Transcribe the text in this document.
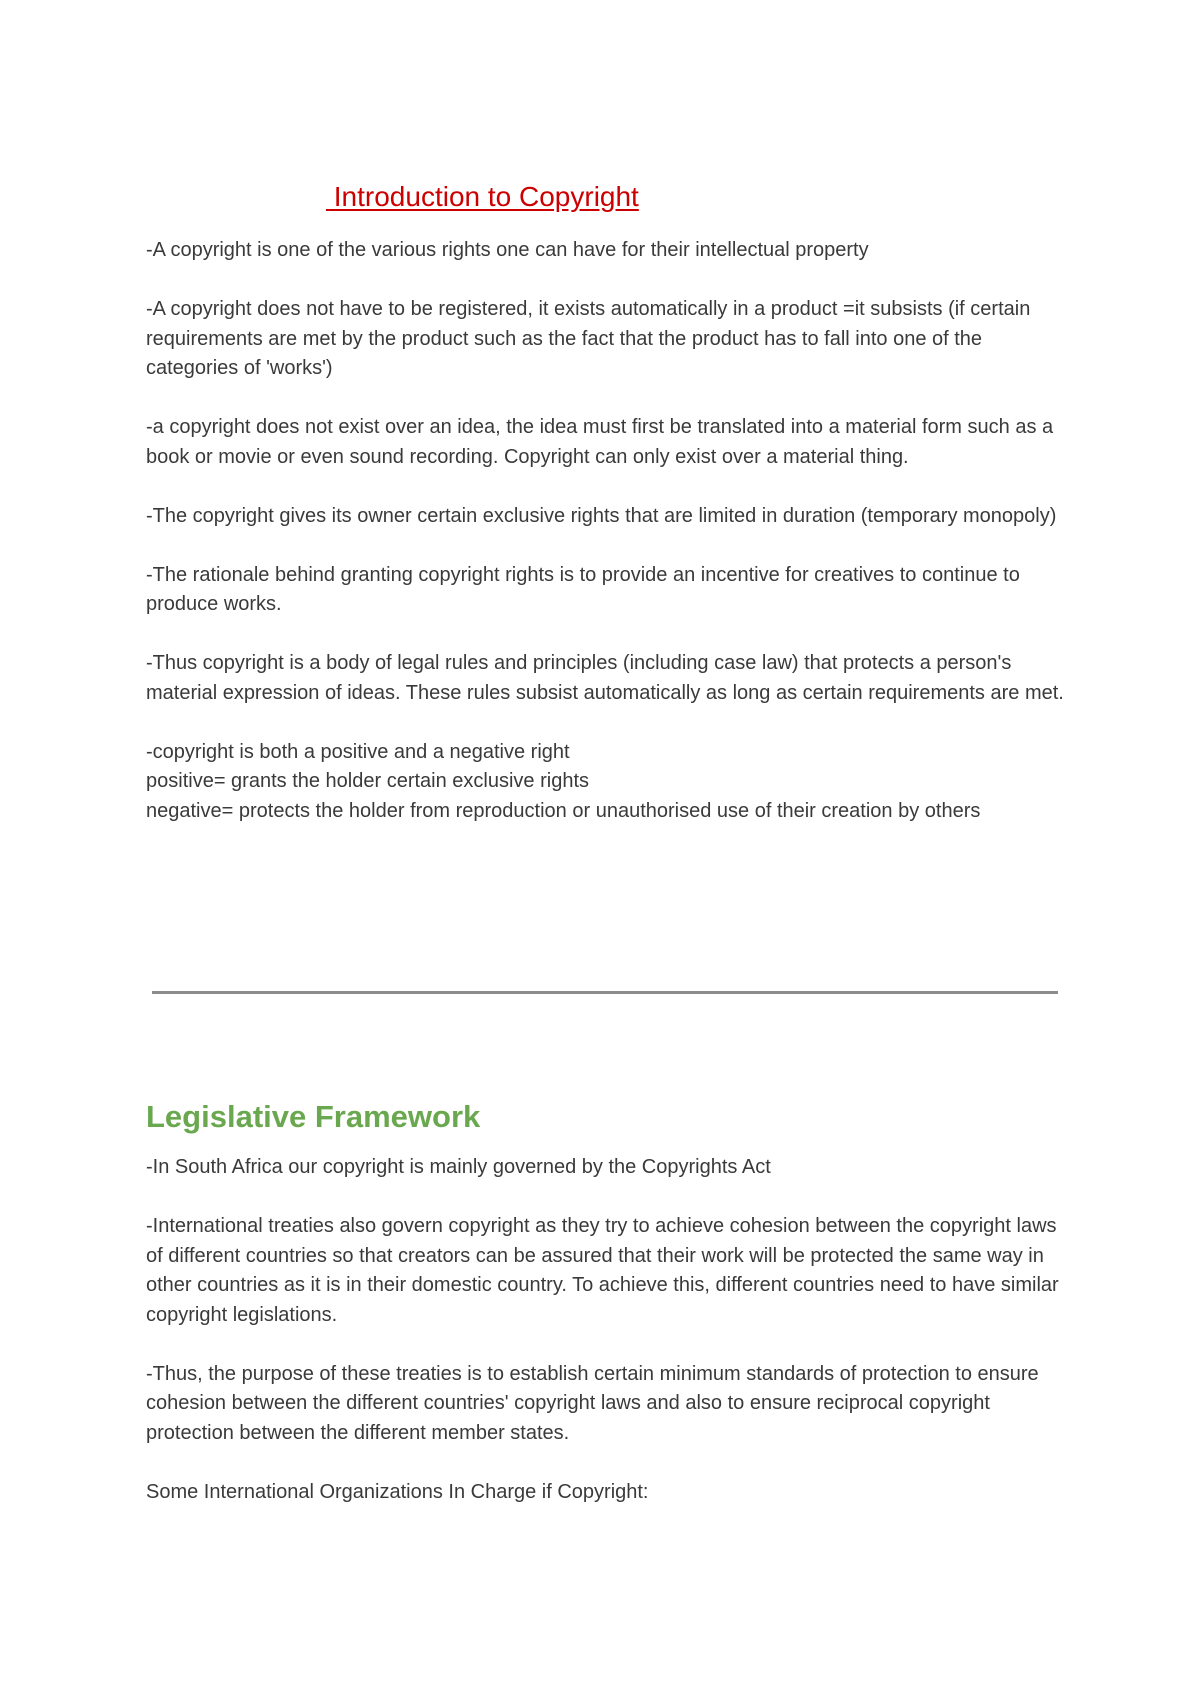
Introduction to Copyright

-A copyright is one of the various rights one can have for their intellectual property

-A copyright does not have to be registered, it exists automatically in a product =it subsists (if certain requirements are met by the product such as the fact that the product has to fall into one of the categories of 'works')

-a copyright does not exist over an idea, the idea must first be translated into a material form such as a book or movie or even sound recording. Copyright can only exist over a material thing.

-The copyright gives its owner certain exclusive rights that are limited in duration (temporary monopoly)

-The rationale behind granting copyright rights is to provide an incentive for creatives to continue to produce works.

-Thus copyright is a body of legal rules and principles (including case law) that protects a person's material expression of ideas. These rules subsist automatically as long as certain requirements are met.

-copyright is both a positive and a negative right
positive= grants the holder certain exclusive rights
negative= protects the holder from reproduction or unauthorised use of their creation by others

Legislative Framework

-In South Africa our copyright is mainly governed by the Copyrights Act

-International treaties also govern copyright as they try to achieve cohesion between the copyright laws of different countries so that creators can be assured that their work will be protected the same way in other countries as it is in their domestic country. To achieve this, different countries need to have similar copyright legislations.

-Thus, the purpose of these treaties is to establish certain minimum standards of protection to ensure cohesion between the different countries' copyright laws and also to ensure reciprocal copyright protection between the different member states.

Some International Organizations In Charge if Copyright:
